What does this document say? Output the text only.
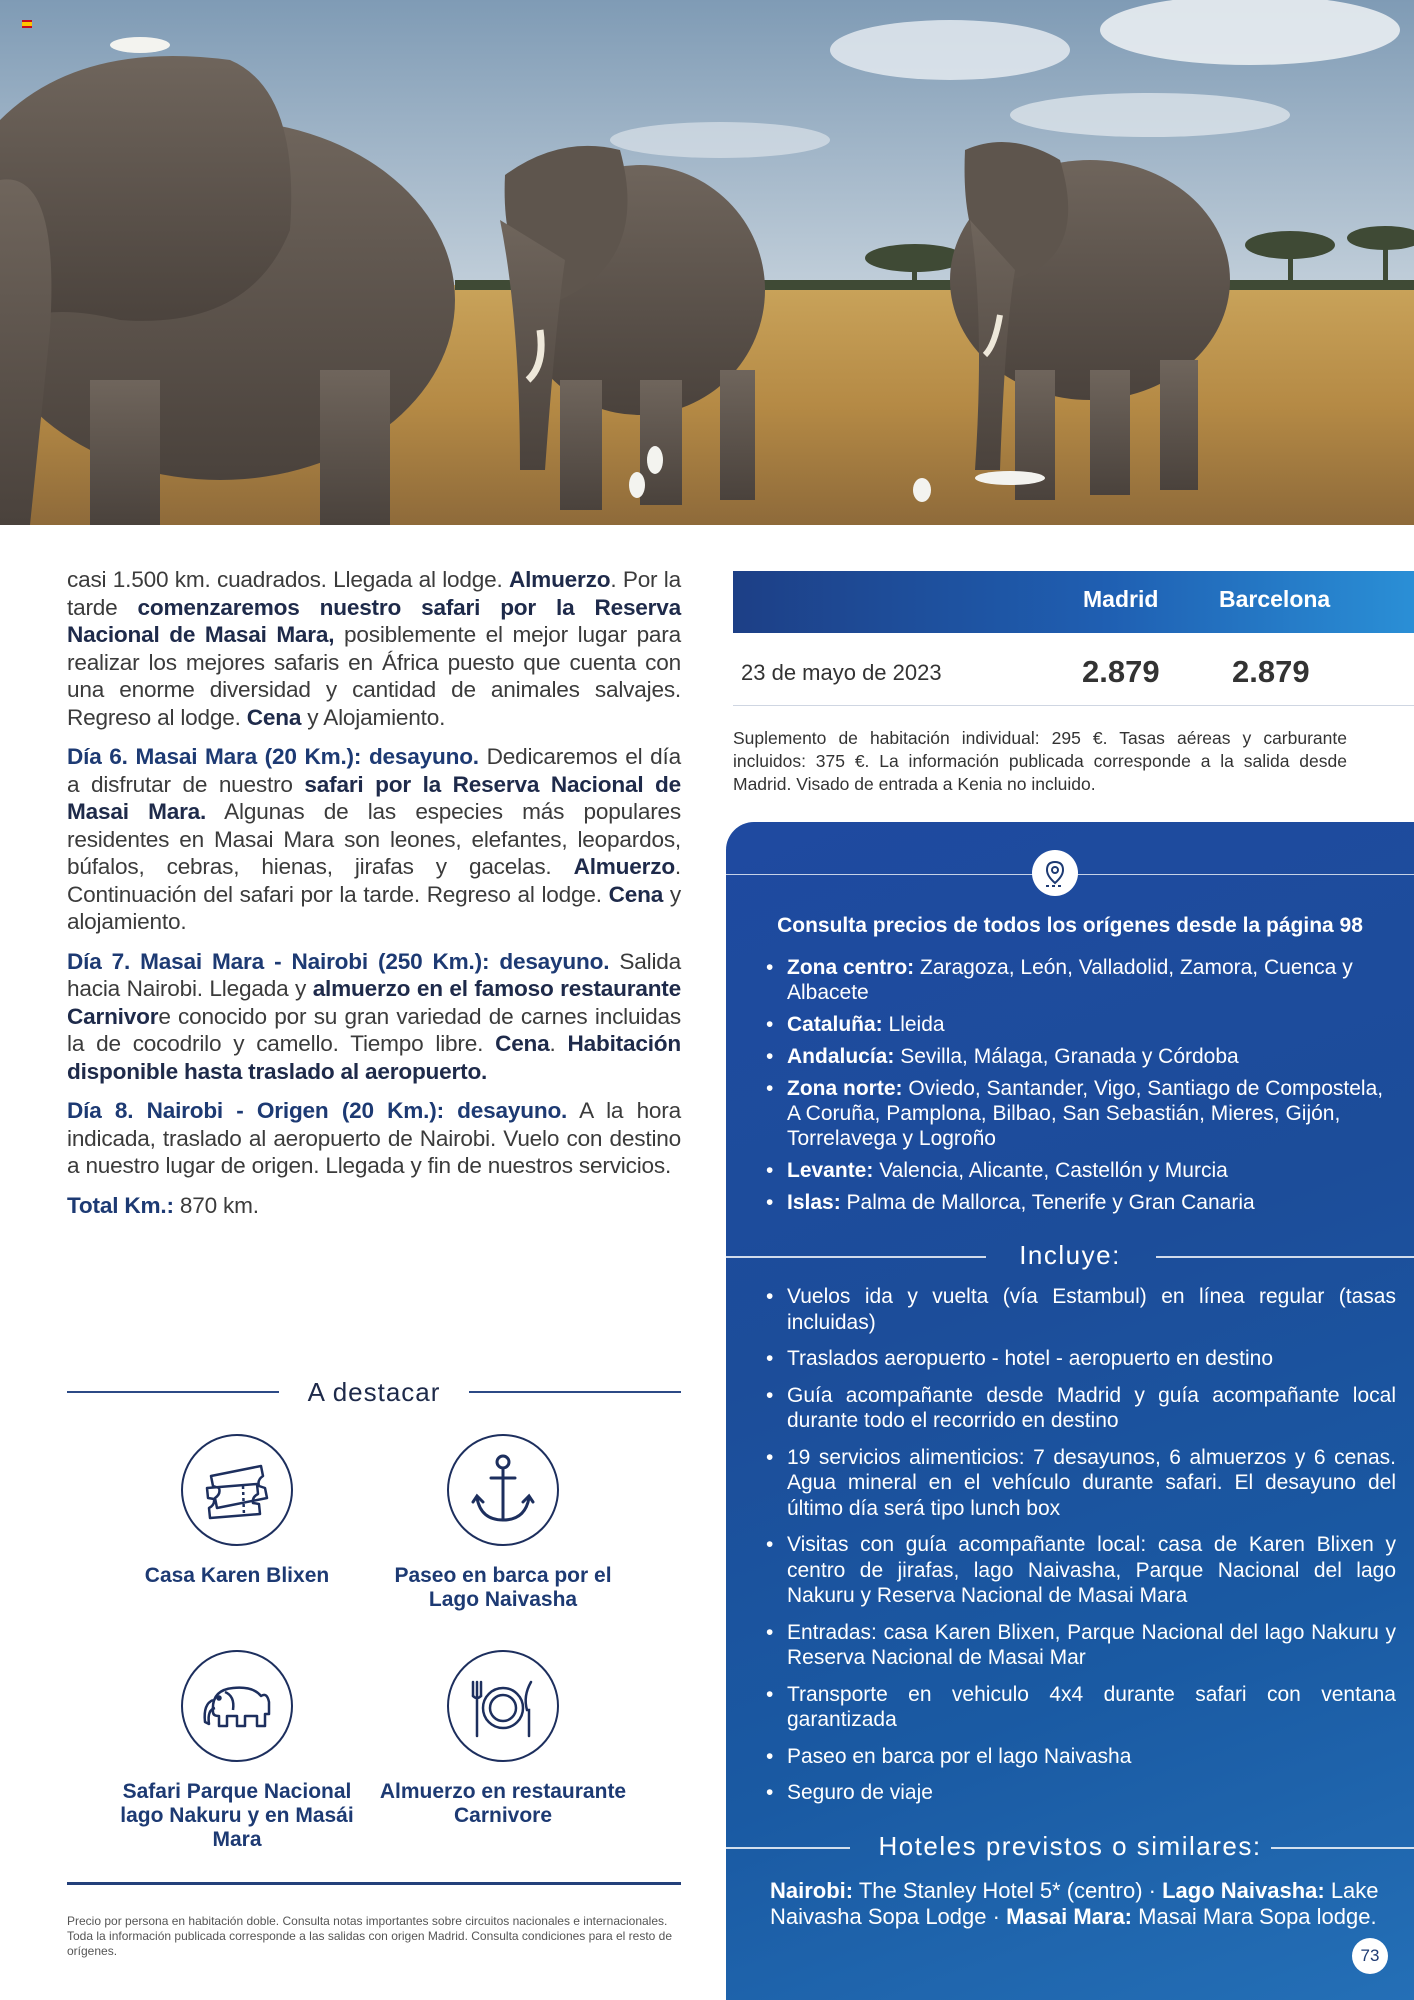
casi 1.500 km. cuadrados. Llegada al lodge. Almuerzo. Por la tarde comenzaremos nuestro safari por la Reserva Nacional de Masai Mara, posiblemente el mejor lugar para realizar los mejores safaris en África puesto que cuenta con una enorme diversidad y cantidad de animales salvajes. Regreso al lodge. Cena y Alojamiento.

Día 6. Masai Mara (20 Km.): desayuno. Dedicaremos el día a disfrutar de nuestro safari por la Reserva Nacional de Masai Mara. Algunas de las especies más populares residentes en Masai Mara son leones, elefantes, leopardos, búfalos, cebras, hienas, jirafas y gacelas. Almuerzo. Continuación del safari por la tarde. Regreso al lodge. Cena y alojamiento.

Día 7. Masai Mara - Nairobi (250 Km.): desayuno. Salida hacia Nairobi. Llegada y almuerzo en el famoso restaurante Carnivore conocido por su gran variedad de carnes incluidas la de cocodrilo y camello. Tiempo libre. Cena. Habitación disponible hasta traslado al aeropuerto.

Día 8. Nairobi - Origen (20 Km.): desayuno. A la hora indicada, traslado al aeropuerto de Nairobi. Vuelo con destino a nuestro lugar de origen. Llegada y fin de nuestros servicios.

Total Km.: 870 km.

A destacar
Casa Karen Blixen	Paseo en barca por el Lago Naivasha
Safari Parque Nacional lago Nakuru y en Masái Mara
Almuerzo en restaurante Carnivore
Precio por persona en habitación doble. Consulta notas importantes sobre circuitos nacionales e internacionales. Toda la información publicada corresponde a las salidas con origen Madrid. Consulta condiciones para el resto de orígenes.
Madrid	Barcelona
23 de mayo de 2023	2.879 2.879
Suplemento de habitación individual: 295 €. Tasas aéreas y carburante incluidos: 375 €. La información publicada corresponde a la salida desde Madrid. Visado de entrada a Kenia no incluido.
Consulta precios de todos los orígenes desde la página 98
• Zona centro: Zaragoza, León, Valladolid, Zamora, Cuenca y Albacete
• Cataluña: Lleida
• Andalucía: Sevilla, Málaga, Granada y Córdoba
• Zona norte: Oviedo, Santander, Vigo, Santiago de Compostela, A Coruña, Pamplona, Bilbao, San Sebastián, Mieres, Gijón, Torrelavega y Logroño
• Levante: Valencia, Alicante, Castellón y Murcia
• Islas: Palma de Mallorca, Tenerife y Gran Canaria
Incluye:
• Vuelos ida y vuelta (vía Estambul) en línea regular (tasas incluidas)
• Traslados aeropuerto - hotel - aeropuerto en destino
• Guía acompañante desde Madrid y guía acompañante local durante todo el recorrido en destino
• 19 servicios alimenticios: 7 desayunos, 6 almuerzos y 6 cenas. Agua mineral en el vehículo durante safari. El desayuno del último día será tipo lunch box
• Visitas con guía acompañante local: casa de Karen Blixen y centro de jirafas, lago Naivasha, Parque Nacional del lago Nakuru y Reserva Nacional de Masai Mara
• Entradas: casa Karen Blixen, Parque Nacional del lago Nakuru y Reserva Nacional de Masai Mar
• Transporte en vehiculo 4x4 durante safari con ventana garantizada
• Paseo en barca por el lago Naivasha
• Seguro de viaje
Hoteles previstos o similares:
Nairobi: The Stanley Hotel 5* (centro) · Lago Naivasha: Lake Naivasha Sopa Lodge · Masai Mara: Masai Mara Sopa lodge.
73
